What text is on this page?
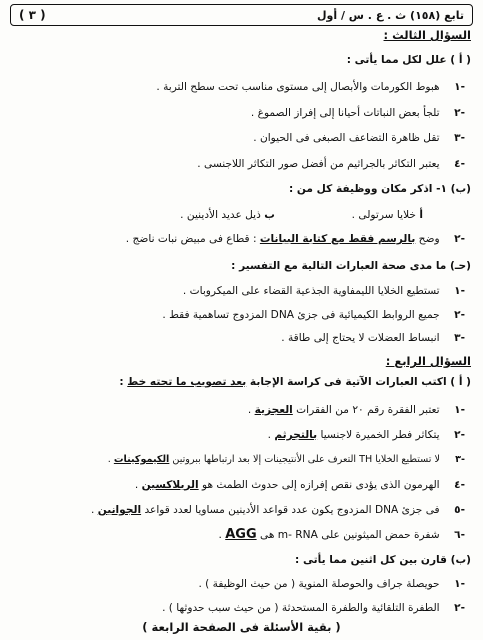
تابع (١٥٨) ث . ع . س / أول
( ٣ )
السؤال الثالث :
( أ ) علل لكل مما يأتى :
-١ هبوط الكورمات والأبصال إلى مستوى مناسب تحت سطح التربة .
-٢ تلجأ بعض النباتات أحيانا إلى إفراز الصموغ .
-٣ تقل ظاهرة التضاعف الصبغى فى الحيوان .
-٤ يعتبر التكاثر بالجراثيم من أفضل صور التكاثر اللاجنسى .
(ب) ١- اذكر مكان ووظيفة كل من :
أ خلايا سرتولى .  ب ذيل عديد الأدينين .
-٢ وضح بالرسم فقط مع كتابة البيانات : قطاع فى مبيض نبات ناضج .
(حـ) ما مدى صحة العبارات التالية مع التفسير :
-١ تستطيع الخلايا الليمفاوية الجذعية القضاء على الميكروبات .
-٢ جميع الروابط الكيميائية فى جزئ DNA المزدوج تساهمية فقط .
-٣ انبساط العضلات لا يحتاج إلى طاقة .
السؤال الرابع :
( أ ) اكتب العبارات الآتية فى كراسة الإجابة بعد تصويب ما تحته خط :
-١ تعتبر الفقرة رقم ٢٠ من الفقرات العجزية .
-٢ يتكاثر فطر الخميرة لاجنسيا بالتجرثم .
-٣ لا تستطيع الخلايا TH التعرف على الأنتيجينات إلا بعد ارتباطها ببروتين الكيموكينات .
-٤ الهرمون الذى يؤدى نقص إفرازه إلى حدوث الطمث هو الريلاكسين .
-٥ فى جزئ DNA المزدوج يكون عدد قواعد الأدينين مساويا لعدد قواعد الجوانين .
-٦ شفرة حمض الميثونين على m- RNA هى AGG .
(ب) قارن بين كل اثنين مما يأتى :
-١ حويصلة جراف والحوصلة المنوية ( من حيث الوظيفة ) .
-٢ الطفرة التلقائية والطفرة المستحدثة ( من حيث سبب حدوثها ) .
( بقية الأسئلة فى الصفحة الرابعة )
